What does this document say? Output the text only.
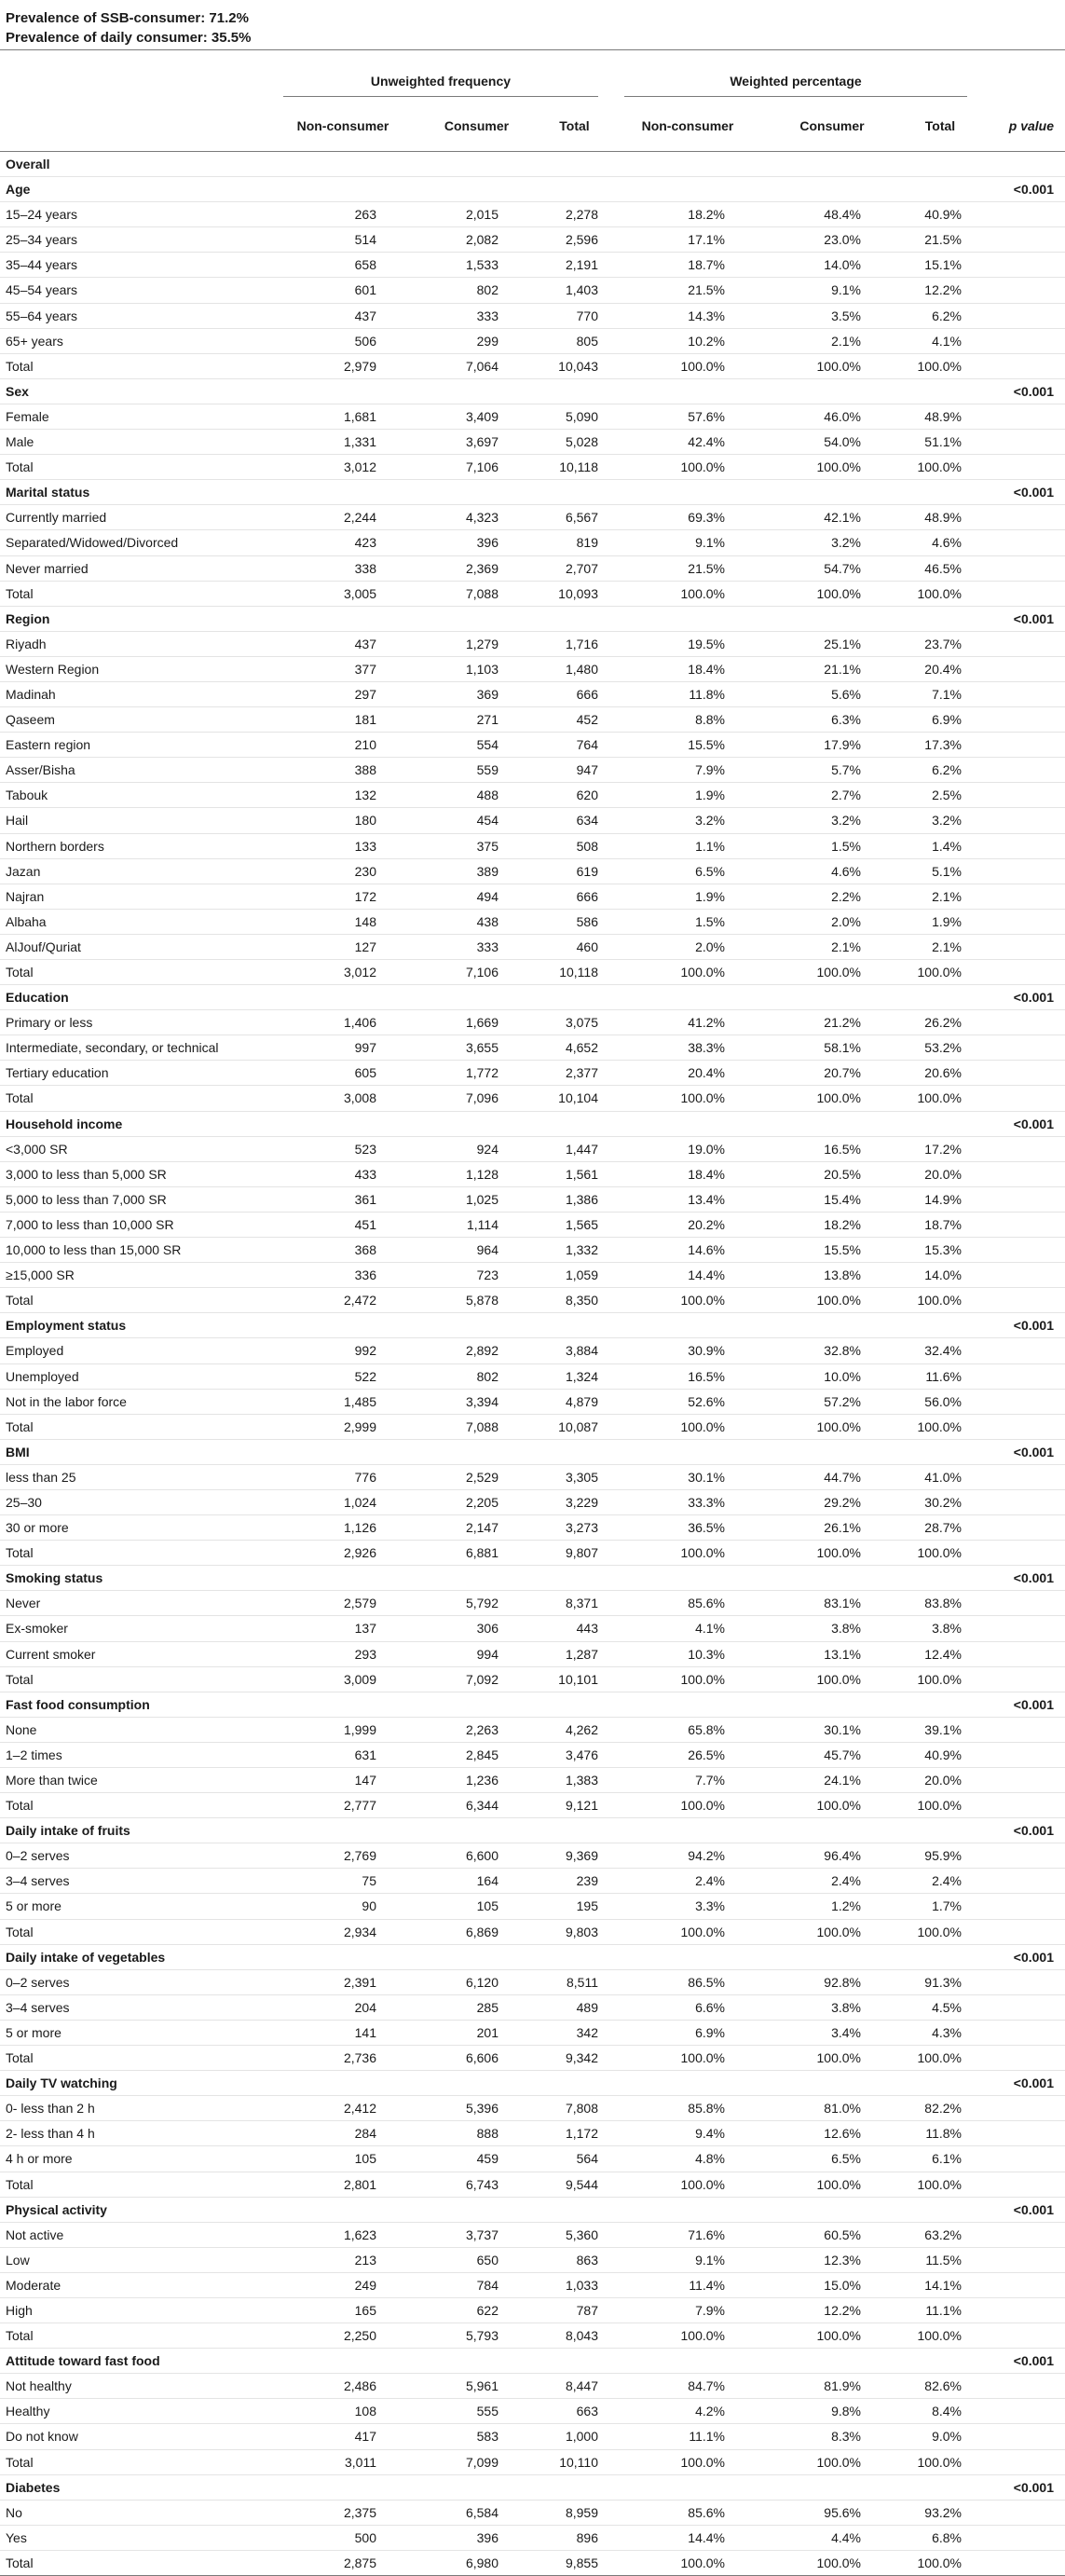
Prevalence of SSB-consumer: 71.2%
Prevalence of daily consumer: 35.5%
	Unweighted frequency			Weighted percentage		

	Non-consumer	Consumer	Total	Non-consumer	Consumer	Total	p value
Overall							
Age							<0.001
15–24 years	263	2,015	2,278	18.2%	48.4%	40.9%	
25–34 years	514	2,082	2,596	17.1%	23.0%	21.5%	
35–44 years	658	1,533	2,191	18.7%	14.0%	15.1%	
45–54 years	601	802	1,403	21.5%	9.1%	12.2%	
55–64 years	437	333	770	14.3%	3.5%	6.2%	
65+ years	506	299	805	10.2%	2.1%	4.1%	
Total	2,979	7,064	10,043	100.0%	100.0%	100.0%	
Sex							<0.001
Female	1,681	3,409	5,090	57.6%	46.0%	48.9%	
Male	1,331	3,697	5,028	42.4%	54.0%	51.1%	
Total	3,012	7,106	10,118	100.0%	100.0%	100.0%	
Marital status							<0.001
Currently married	2,244	4,323	6,567	69.3%	42.1%	48.9%	
Separated/Widowed/Divorced	423	396	819	9.1%	3.2%	4.6%	
Never married	338	2,369	2,707	21.5%	54.7%	46.5%	
Total	3,005	7,088	10,093	100.0%	100.0%	100.0%	
Region							<0.001
Riyadh	437	1,279	1,716	19.5%	25.1%	23.7%	
Western Region	377	1,103	1,480	18.4%	21.1%	20.4%	
Madinah	297	369	666	11.8%	5.6%	7.1%	
Qaseem	181	271	452	8.8%	6.3%	6.9%	
Eastern region	210	554	764	15.5%	17.9%	17.3%	
Asser/Bisha	388	559	947	7.9%	5.7%	6.2%	
Tabouk	132	488	620	1.9%	2.7%	2.5%	
Hail	180	454	634	3.2%	3.2%	3.2%	
Northern borders	133	375	508	1.1%	1.5%	1.4%	
Jazan	230	389	619	6.5%	4.6%	5.1%	
Najran	172	494	666	1.9%	2.2%	2.1%	
Albaha	148	438	586	1.5%	2.0%	1.9%	
AlJouf/Quriat	127	333	460	2.0%	2.1%	2.1%	
Total	3,012	7,106	10,118	100.0%	100.0%	100.0%	
Education							<0.001
Primary or less	1,406	1,669	3,075	41.2%	21.2%	26.2%	
Intermediate, secondary, or technical	997	3,655	4,652	38.3%	58.1%	53.2%	
Tertiary education	605	1,772	2,377	20.4%	20.7%	20.6%	
Total	3,008	7,096	10,104	100.0%	100.0%	100.0%	
Household income							<0.001
<3,000 SR	523	924	1,447	19.0%	16.5%	17.2%	
3,000 to less than 5,000 SR	433	1,128	1,561	18.4%	20.5%	20.0%	
5,000 to less than 7,000 SR	361	1,025	1,386	13.4%	15.4%	14.9%	
7,000 to less than 10,000 SR	451	1,114	1,565	20.2%	18.2%	18.7%	
10,000 to less than 15,000 SR	368	964	1,332	14.6%	15.5%	15.3%	
≥15,000 SR	336	723	1,059	14.4%	13.8%	14.0%	
Total	2,472	5,878	8,350	100.0%	100.0%	100.0%	
Employment status							<0.001
Employed	992	2,892	3,884	30.9%	32.8%	32.4%	
Unemployed	522	802	1,324	16.5%	10.0%	11.6%	
Not in the labor force	1,485	3,394	4,879	52.6%	57.2%	56.0%	
Total	2,999	7,088	10,087	100.0%	100.0%	100.0%	
BMI							<0.001
less than 25	776	2,529	3,305	30.1%	44.7%	41.0%	
25–30	1,024	2,205	3,229	33.3%	29.2%	30.2%	
30 or more	1,126	2,147	3,273	36.5%	26.1%	28.7%	
Total	2,926	6,881	9,807	100.0%	100.0%	100.0%	
Smoking status							<0.001
Never	2,579	5,792	8,371	85.6%	83.1%	83.8%	
Ex-smoker	137	306	443	4.1%	3.8%	3.8%	
Current smoker	293	994	1,287	10.3%	13.1%	12.4%	
Total	3,009	7,092	10,101	100.0%	100.0%	100.0%	
Fast food consumption							<0.001
None	1,999	2,263	4,262	65.8%	30.1%	39.1%	
1–2 times	631	2,845	3,476	26.5%	45.7%	40.9%	
More than twice	147	1,236	1,383	7.7%	24.1%	20.0%	
Total	2,777	6,344	9,121	100.0%	100.0%	100.0%	
Daily intake of fruits							<0.001
0–2 serves	2,769	6,600	9,369	94.2%	96.4%	95.9%	
3–4 serves	75	164	239	2.4%	2.4%	2.4%	
5 or more	90	105	195	3.3%	1.2%	1.7%	
Total	2,934	6,869	9,803	100.0%	100.0%	100.0%	
Daily intake of vegetables							<0.001
0–2 serves	2,391	6,120	8,511	86.5%	92.8%	91.3%	
3–4 serves	204	285	489	6.6%	3.8%	4.5%	
5 or more	141	201	342	6.9%	3.4%	4.3%	
Total	2,736	6,606	9,342	100.0%	100.0%	100.0%	
Daily TV watching							<0.001
0- less than 2 h	2,412	5,396	7,808	85.8%	81.0%	82.2%	
2- less than 4 h	284	888	1,172	9.4%	12.6%	11.8%	
4 h or more	105	459	564	4.8%	6.5%	6.1%	
Total	2,801	6,743	9,544	100.0%	100.0%	100.0%	
Physical activity							<0.001
Not active	1,623	3,737	5,360	71.6%	60.5%	63.2%	
Low	213	650	863	9.1%	12.3%	11.5%	
Moderate	249	784	1,033	11.4%	15.0%	14.1%	
High	165	622	787	7.9%	12.2%	11.1%	
Total	2,250	5,793	8,043	100.0%	100.0%	100.0%	
Attitude toward fast food							<0.001
Not healthy	2,486	5,961	8,447	84.7%	81.9%	82.6%	
Healthy	108	555	663	4.2%	9.8%	8.4%	
Do not know	417	583	1,000	11.1%	8.3%	9.0%	
Total	3,011	7,099	10,110	100.0%	100.0%	100.0%	
Diabetes							<0.001
No	2,375	6,584	8,959	85.6%	95.6%	93.2%	
Yes	500	396	896	14.4%	4.4%	6.8%	
Total	2,875	6,980	9,855	100.0%	100.0%	100.0%	
